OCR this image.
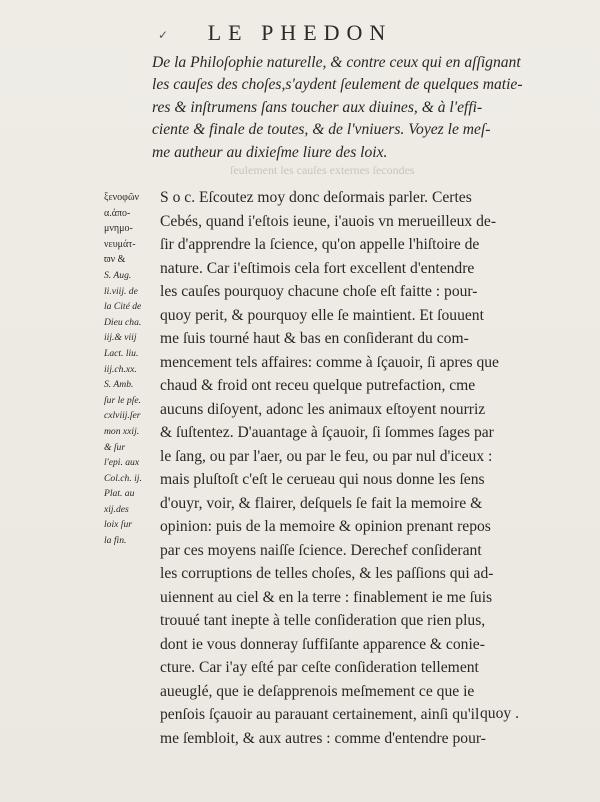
LE PHEDON
✓
De la Philoſophie naturelle, & contre ceux qui en aſſignant
les cauſes des choſes,s'aydent ſeulement de quelques matie-
res & inſtrumens ſans toucher aux diuines, & à l'effi-
ciente & finale de toutes, & de l'vniuers. Voyez le meſ-
me autheur au dixieſme liure des loix.
ſeulement les cauſes externes ſecondes
ξενοφῶν
α.ἀπο-
μνημο-
νευμάτ-
ϖν &
S. Aug.
li.viij. de
la Cité de
Dieu cha.
iij.& viij
Lact. liu.
iij.ch.xx.
S. Amb.
ſur le pſe.
cxlviij.ſer
mon xxij.
& ſur
l'epi. aux
Col.ch. ij.
Plat. au
xij.des
loix ſur
la fin.
S o c. Eſcoutez moy donc deſormais parler. Certes
Cebés, quand i'eſtois ieune, i'auois vn merueilleux de-
ſir d'apprendre la ſcience, qu'on appelle l'hiſtoire de
nature. Car i'eſtimois cela fort excellent d'entendre
les cauſes pourquoy chacune choſe eſt faitte : pour-
quoy perit, & pourquoy elle ſe maintient. Et ſouuent
me ſuis tourné haut & bas en conſiderant du com-
mencement tels affaires: comme à ſçauoir, ſi apres que
chaud & froid ont receu quelque putrefaction, cme
aucuns diſoyent, adonc les animaux eſtoyent nourriz
& ſuſtentez. D'auantage à ſçauoir, ſi ſommes ſages par
le ſang, ou par l'aer, ou par le feu, ou par nul d'iceux :
mais pluſtoſt c'eſt le cerueau qui nous donne les ſens
d'ouyr, voir, & flairer, deſquels ſe fait la memoire &
opinion: puis de la memoire & opinion prenant repos
par ces moyens naiſſe ſcience. Derechef conſiderant
les corruptions de telles choſes, & les paſſions qui ad-
uiennent au ciel & en la terre : finablement ie me ſuis
trouué tant inepte à telle conſideration que rien plus,
dont ie vous donneray ſuffiſante apparence & conie-
cture. Car i'ay eſté par ceſte conſideration tellement
aueuglé, que ie deſapprenois meſmement ce que ie
penſois ſçauoir au parauant certainement, ainſi qu'il
me ſembloit, & aux autres : comme d'entendre pour-
quoy .
